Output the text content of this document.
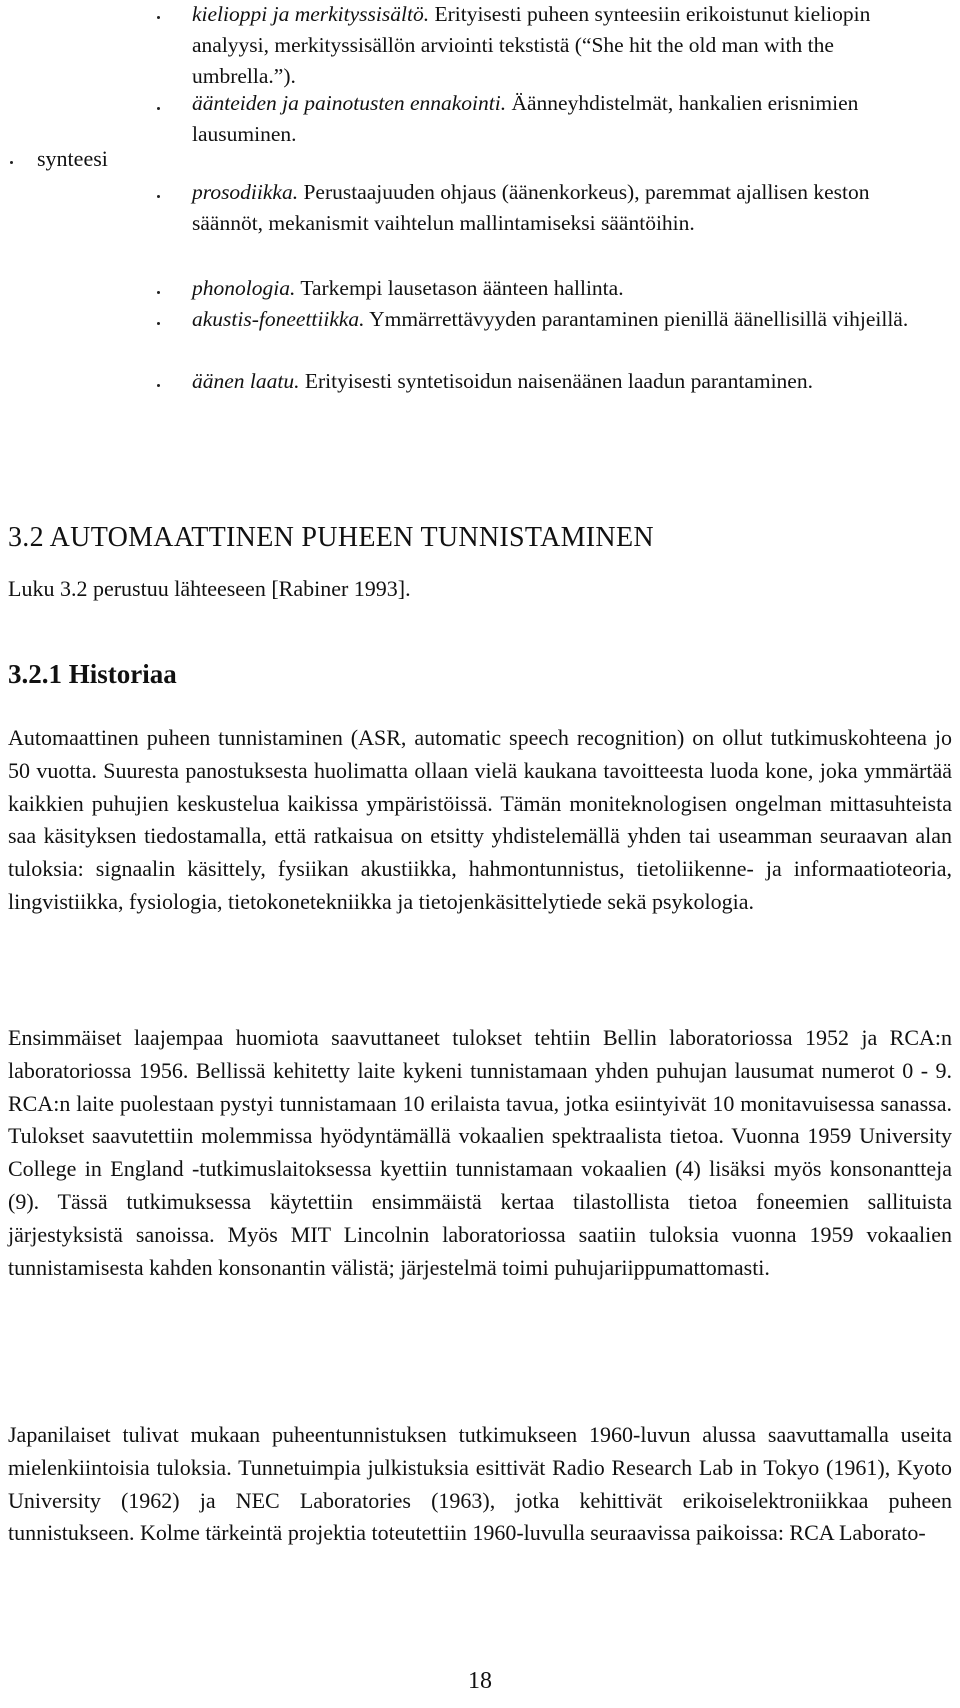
synteesi
kielioppi ja merkityssisältö. Erityisesti puheen synteesiin erikoistunut kieliopin analyysi, merkityssisällön arviointi tekstistä (“She hit the old man with the umbrella.”).
äänteiden ja painotusten ennakointi. Äänneyhdistelmät, hankalien erisnimien lausuminen.
prosodiikka. Perustaajuuden ohjaus (äänenkorkeus), paremmat ajallisen keston säännöt, mekanismit vaihtelun mallintamiseksi sääntöihin.
phonologia. Tarkempi lausetason äänteen hallinta.
akustis-foneettiikka. Ymmärrettävyyden parantaminen pienillä äänellisillä vihjeillä.
äänen laatu. Erityisesti syntetisoidun naisenäänen laadun parantaminen.
3.2 AUTOMAATTINEN PUHEEN TUNNISTAMINEN
Luku 3.2 perustuu lähteeseen [Rabiner 1993].
3.2.1 Historiaa
Automaattinen puheen tunnistaminen (ASR, automatic speech recognition) on ollut tutkimuskohteena jo 50 vuotta. Suuresta panostuksesta huolimatta ollaan vielä kaukana tavoitteesta luoda kone, joka ymmärtää kaikkien puhujien keskustelua kaikissa ympäristöissä. Tämän moniteknologisen ongelman mittasuhteista saa käsityksen tiedostamalla, että ratkaisua on etsitty yhdistelemällä yhden tai useamman seuraavan alan tuloksia: signaalin käsittely, fysiikan akustiikka, hahmontunnistus, tietoliikenne- ja informaatioteoria, lingvistiikka, fysiologia, tietokonetekniikka ja tietojenkäsittelytiede sekä psykologia.
Ensimmäiset laajempaa huomiota saavuttaneet tulokset tehtiin Bellin laboratoriossa 1952 ja RCA:n laboratoriossa 1956. Bellissä kehitetty laite kykeni tunnistamaan yhden puhujan lausumat numerot 0 - 9. RCA:n laite puolestaan pystyi tunnistamaan 10 erilaista tavua, jotka esiintyivät 10 monitavuisessa sanassa. Tulokset saavutettiin molemmissa hyödyntämällä vokaalien spektraalista tietoa. Vuonna 1959 University College in England -tutkimuslaitoksessa kyettiin tunnistamaan vokaalien (4) lisäksi myös konsonantteja (9). Tässä tutkimuksessa käytettiin ensimmäistä kertaa tilastollista tietoa foneemien sallituista järjestyksistä sanoissa. Myös MIT Lincolnin laboratoriossa saatiin tuloksia vuonna 1959 vokaalien tunnistamisesta kahden konsonantin välistä; järjestelmä toimi puhujariippumattomasti.
Japanilaiset tulivat mukaan puheentunnistuksen tutkimukseen 1960-luvun alussa saavuttamalla useita mielenkiintoisia tuloksia. Tunnetuimpia julkistuksia esittivät Radio Research Lab in Tokyo (1961), Kyoto University (1962) ja NEC Laboratories (1963), jotka kehittivät erikoiselektroniikkaa puheen tunnistukseen. Kolme tärkeintä projektia toteutettiin 1960-luvulla seuraavissa paikoissa: RCA Laborato-
18
